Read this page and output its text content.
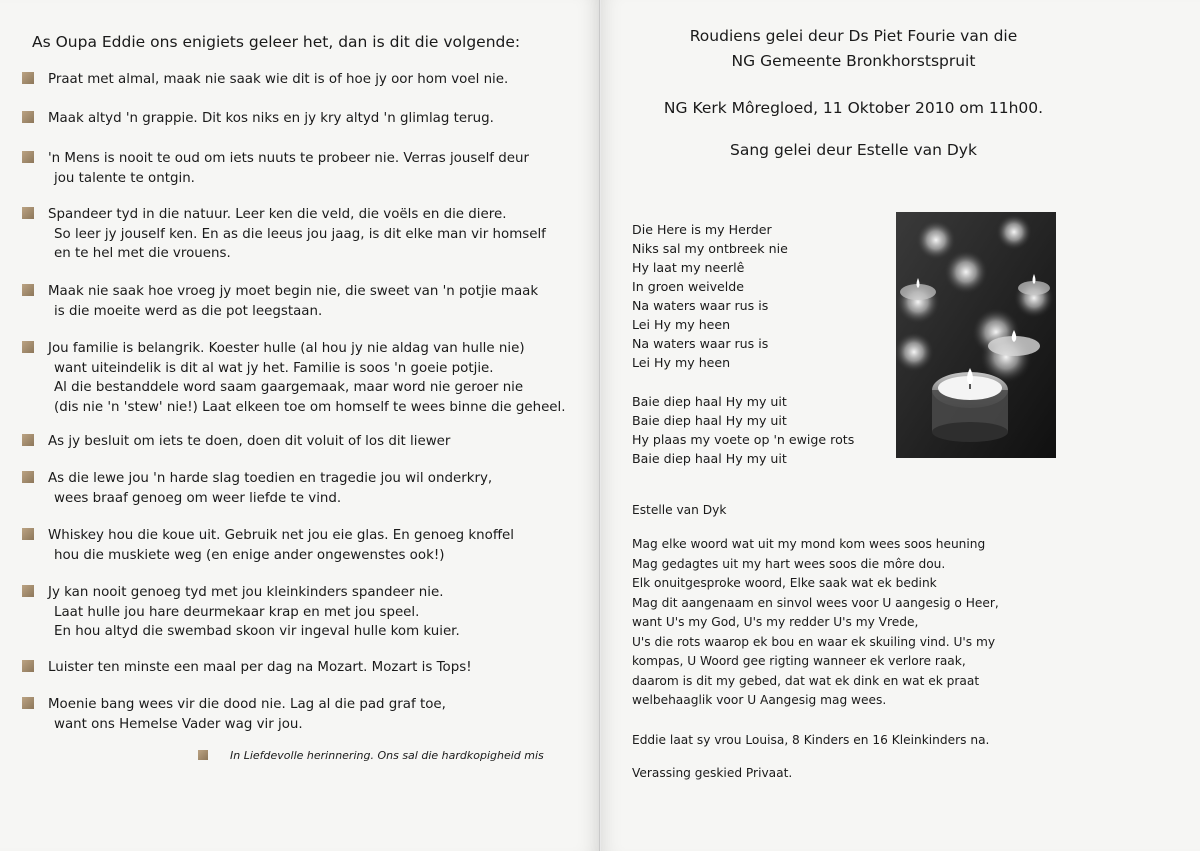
As Oupa Eddie ons enigiets geleer het, dan is dit die volgende:
Praat met almal, maak nie saak wie dit is of hoe jy oor hom voel nie.
Maak altyd 'n grappie. Dit kos niks en jy kry altyd 'n glimlag terug.
'n Mens is nooit te oud om iets nuuts te probeer nie. Verras jouself deur
jou talente te ontgin.
Spandeer tyd in die natuur. Leer ken die veld, die voëls en die diere.
So leer jy jouself ken. En as die leeus jou jaag, is dit elke man vir homself
en te hel met die vrouens.
Maak nie saak hoe vroeg jy moet begin nie, die sweet van 'n potjie maak
is die moeite werd as die pot leegstaan.
Jou familie is belangrik. Koester hulle (al hou jy nie aldag van hulle nie)
want uiteindelik is dit al wat jy het. Familie is soos 'n goeie potjie.
Al die bestanddele word saam gaargemaak, maar word nie geroer nie
(dis nie 'n 'stew' nie!) Laat elkeen toe om homself te wees binne die geheel.
As jy besluit om iets te doen, doen dit voluit of los dit liewer
As die lewe jou 'n harde slag toedien en tragedie jou wil onderkry,
wees braaf genoeg om weer liefde te vind.
Whiskey hou die koue uit. Gebruik net jou eie glas. En genoeg knoffel
hou die muskiete weg (en enige ander ongewenstes ook!)
Jy kan nooit genoeg tyd met jou kleinkinders spandeer nie.
Laat hulle jou hare deurmekaar krap en met jou speel.
En hou altyd die swembad skoon vir ingeval hulle kom kuier.
Luister ten minste een maal per dag na Mozart. Mozart is Tops!
Moenie bang wees vir die dood nie. Lag al die pad graf toe,
want ons Hemelse Vader wag vir jou.
In Liefdevolle herinnering. Ons sal die hardkopigheid mis
Roudiens gelei deur Ds Piet Fourie van die
NG Gemeente Bronkhorstspruit
NG Kerk Môregloed, 11 Oktober 2010 om 11h00.
Sang gelei deur Estelle van Dyk
Die Here is my Herder
Niks sal my ontbreek nie
Hy laat my neerlê
In groen weivelde
Na waters waar rus is
Lei Hy my heen
Na waters waar rus is
Lei Hy my heen
Baie diep haal Hy my uit
Baie diep haal Hy my uit
Hy plaas my voete op 'n ewige rots
Baie diep haal Hy my uit
Estelle van Dyk
Mag elke woord wat uit my mond kom wees soos heuning
Mag gedagtes uit my hart wees soos die môre dou.
Elk onuitgesproke woord, Elke saak wat ek bedink
Mag dit aangenaam en sinvol wees voor U aangesig o Heer,
want U's my God, U's my redder U's my Vrede,
U's die rots waarop ek bou en waar ek skuiling vind. U's my
kompas, U Woord gee rigting wanneer ek verlore raak,
daarom is dit my gebed, dat wat ek dink en wat ek praat
welbehaaglik voor U Aangesig mag wees.
Eddie laat sy vrou Louisa, 8 Kinders en 16 Kleinkinders na.
Verassing geskied Privaat.
